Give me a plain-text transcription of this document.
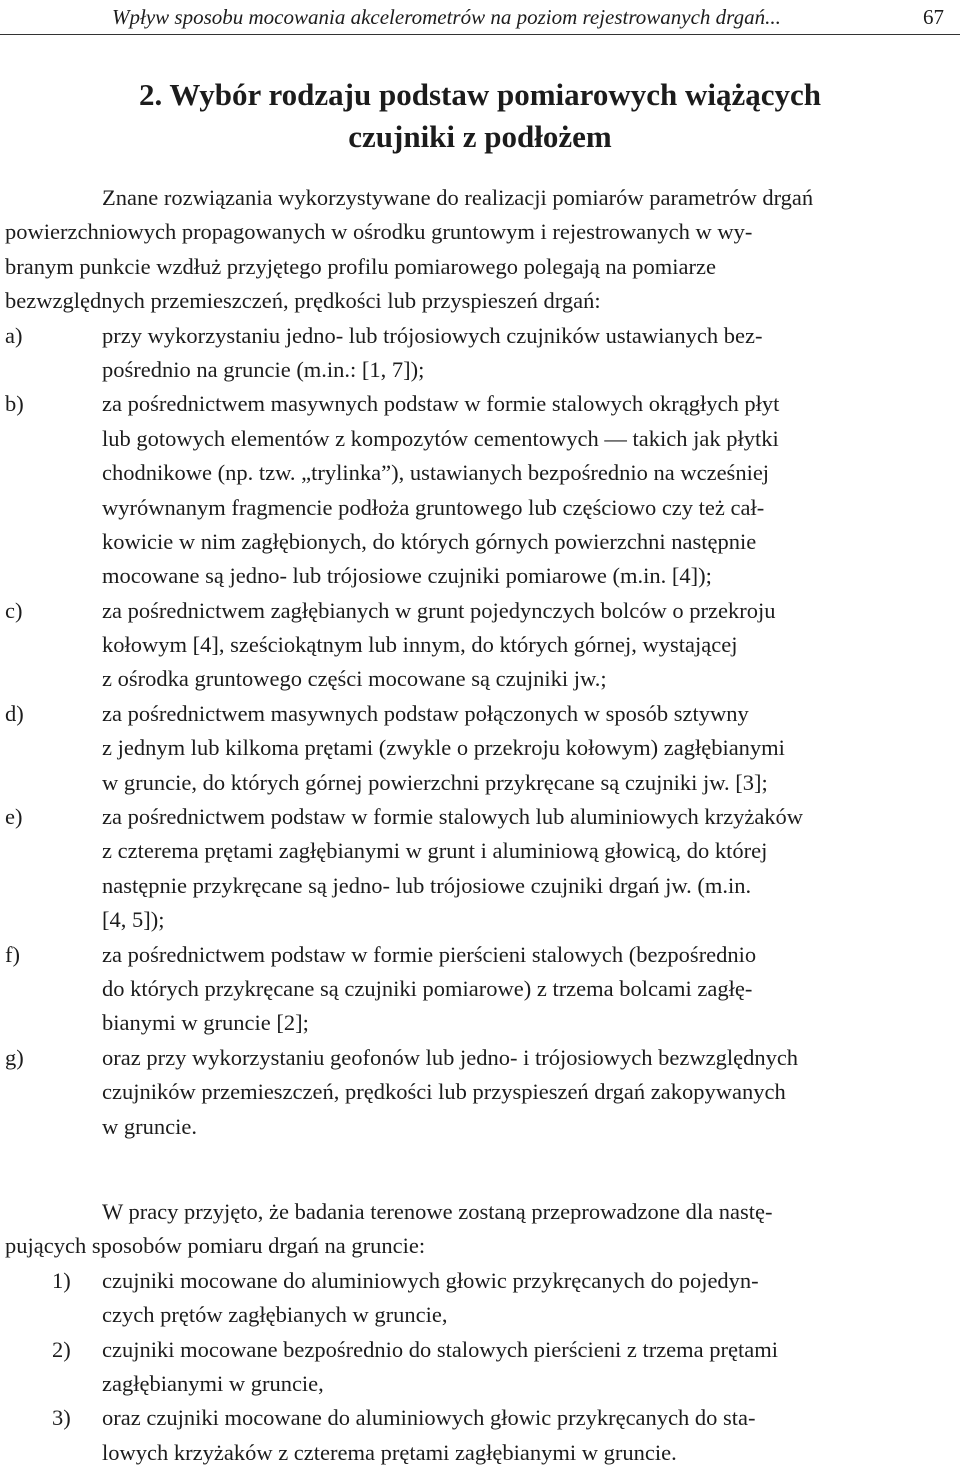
Wpływ sposobu mocowania akcelerometrów na poziom rejestrowanych drgań...	67
2. Wybór rodzaju podstaw pomiarowych wiążących
czujniki z podłożem
Znane rozwiązania wykorzystywane do realizacji pomiarów parametrów drgań
powierzchniowych propagowanych w ośrodku gruntowym i rejestrowanych w wy-
branym punkcie wzdłuż przyjętego profilu pomiarowego polegają na pomiarze
bezwzględnych przemieszczeń, prędkości lub przyspieszeń drgań:
a)	przy wykorzystaniu jedno- lub trójosiowych czujników ustawianych bez-
pośrednio na gruncie (m.in.: [1, 7]);
b)	za pośrednictwem masywnych podstaw w formie stalowych okrągłych płyt
lub gotowych elementów z kompozytów cementowych — takich jak płytki
chodnikowe (np. tzw. „trylinka”), ustawianych bezpośrednio na wcześniej
wyrównanym fragmencie podłoża gruntowego lub częściowo czy też cał-
kowicie w nim zagłębionych, do których górnych powierzchni następnie
mocowane są jedno- lub trójosiowe czujniki pomiarowe (m.in. [4]);
c)	za pośrednictwem zagłębianych w grunt pojedynczych bolców o przekroju
kołowym [4], sześciokątnym lub innym, do których górnej, wystającej
z ośrodka gruntowego części mocowane są czujniki jw.;
d)	za pośrednictwem masywnych podstaw połączonych w sposób sztywny
z jednym lub kilkoma prętami (zwykle o przekroju kołowym) zagłębianymi
w gruncie, do których górnej powierzchni przykręcane są czujniki jw. [3];
e)	za pośrednictwem podstaw w formie stalowych lub aluminiowych krzyżaków
z czterema prętami zagłębianymi w grunt i aluminiową głowicą, do której
następnie przykręcane są jedno- lub trójosiowe czujniki drgań jw. (m.in.
[4, 5]);
f)	za pośrednictwem podstaw w formie pierścieni stalowych (bezpośrednio
do których przykręcane są czujniki pomiarowe) z trzema bolcami zagłę-
bianymi w gruncie [2];
g)	oraz przy wykorzystaniu geofonów lub jedno- i trójosiowych bezwzględnych
czujników przemieszczeń, prędkości lub przyspieszeń drgań zakopywanych
w gruncie.
W pracy przyjęto, że badania terenowe zostaną przeprowadzone dla nastę-
pujących sposobów pomiaru drgań na gruncie:
1) czujniki mocowane do aluminiowych głowic przykręcanych do pojedyn-
czych prętów zagłębianych w gruncie,
2) czujniki mocowane bezpośrednio do stalowych pierścieni z trzema prętami
zagłębianymi w gruncie,
3) oraz czujniki mocowane do aluminiowych głowic przykręcanych do sta-
lowych krzyżaków z czterema prętami zagłębianymi w gruncie.
